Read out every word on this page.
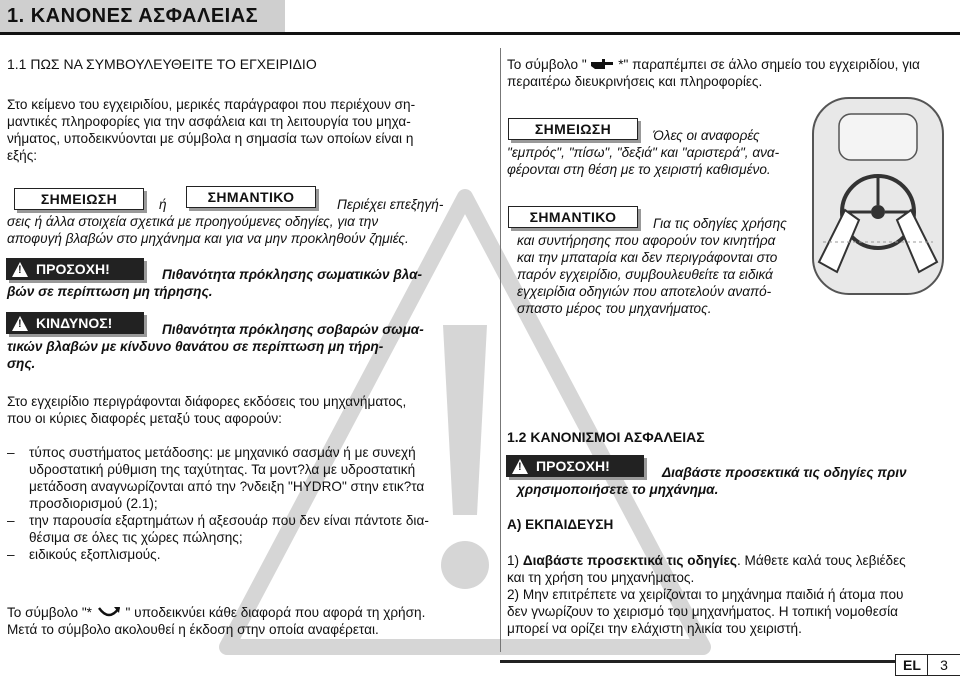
1. ΚΑΝΟΝΕΣ ΑΣΦΑΛΕΙΑΣ
1.1 ΠΩΣ ΝΑ ΣΥΜΒΟΥΛΕΥΘΕΙΤΕ ΤΟ ΕΓΧΕΙΡΙΔΙΟ
Στο κείμενο του εγχειριδίου, μερικές παράγραφοι που περιέχουν ση-
μαντικές πληροφορίες για την ασφάλεια και τη λειτουργία του μηχα-
νήματος, υποδεικνύονται με σύμβολα η σημασία των οποίων είναι η
εξής:
ΣΗΜΕΙΩΣΗ	ή	ΣΗΜΑΝΤΙΚΟ	Περιέχει επεξηγή-
σεις ή άλλα στοιχεία σχετικά με προηγούμενες οδηγίες, για την
αποφυγή βλαβών στο μηχάνημα και για να μην προκληθούν ζημιές.
!
ΠΡΟΣΟΧΗ!	Πιθανότητα πρόκλησης σωματικών βλα-
βών σε περίπτωση μη τήρησης.
!
ΚΙΝΔΥΝΟΣ!	Πιθανότητα πρόκλησης σοβαρών σωμα-
τικών βλαβών με κίνδυνο θανάτου σε περίπτωση μη τήρη-
σης.
Στο εγχειρίδιο περιγράφονται διάφορες εκδόσεις του μηχανήματος,
που οι κύριες διαφορές μεταξύ τους αφορούν:
–	τύπος συστήματος μετάδοσης: με μηχανικό σασμάν ή με συνεχή
υδροστατική ρύθμιση της ταχύτητας. Τα μοντ?λα με υδροστατική
μετάδοση αναγνωρίζονται από την ?νδειξη "HYDRO" στην ετικ?τα
προσδιορισμού (2.1);
–	την παρουσία εξαρτημάτων ή αξεσουάρ που δεν είναι πάντοτε δια-
θέσιμα σε όλες τις χώρες πώλησης;
–	ειδικούς εξοπλισμούς.
Το σύμβολο "* " υποδεικνύει κάθε διαφορά που αφορά τη χρήση.
Μετά το σύμβολο ακολουθεί η έκδοση στην οποία αναφέρεται.
Το σύμβολο "  *" παραπέμπει σε άλλο σημείο του εγχειριδίου, για
περαιτέρω διευκρινήσεις και πληροφορίες.
ΣΗΜΕΙΩΣΗ	Όλες οι αναφορές
"εμπρός", "πίσω", "δεξιά" και "αριστερά", ανα-
φέρονται στη θέση με το χειριστή καθισμένο.
ΣΗΜΑΝΤΙΚΟ	Για τις οδηγίες χρήσης
και συντήρησης που αφορούν τον κινητήρα
και την μπαταρία και δεν περιγράφονται στο
παρόν εγχειρίδιο, συμβουλευθείτε τα ειδικά
εγχειρίδια οδηγιών που αποτελούν αναπό-
σπαστο μέρος του μηχανήματος.
1.2 ΚΑΝΟΝΙΣΜΟΙ ΑΣΦΑΛΕΙΑΣ
!
ΠΡΟΣΟΧΗ!	Διαβάστε προσεκτικά τις οδηγίες πριν
χρησιμοποιήσετε το μηχάνημα.
Α) ΕΚΠΑΙΔΕΥΣΗ
1) Διαβάστε προσεκτικά τις οδηγίες. Μάθετε καλά τους λεβιέδες
και τη χρήση του μηχανήματος.
2) Μην επιτρέπετε να χειρίζονται το μηχάνημα παιδιά ή άτομα που
δεν γνωρίζουν το χειρισμό του μηχανήματος. Η τοπική νομοθεσία
μπορεί να ορίζει την ελάχιστη ηλικία του χειριστή.
EL	3
